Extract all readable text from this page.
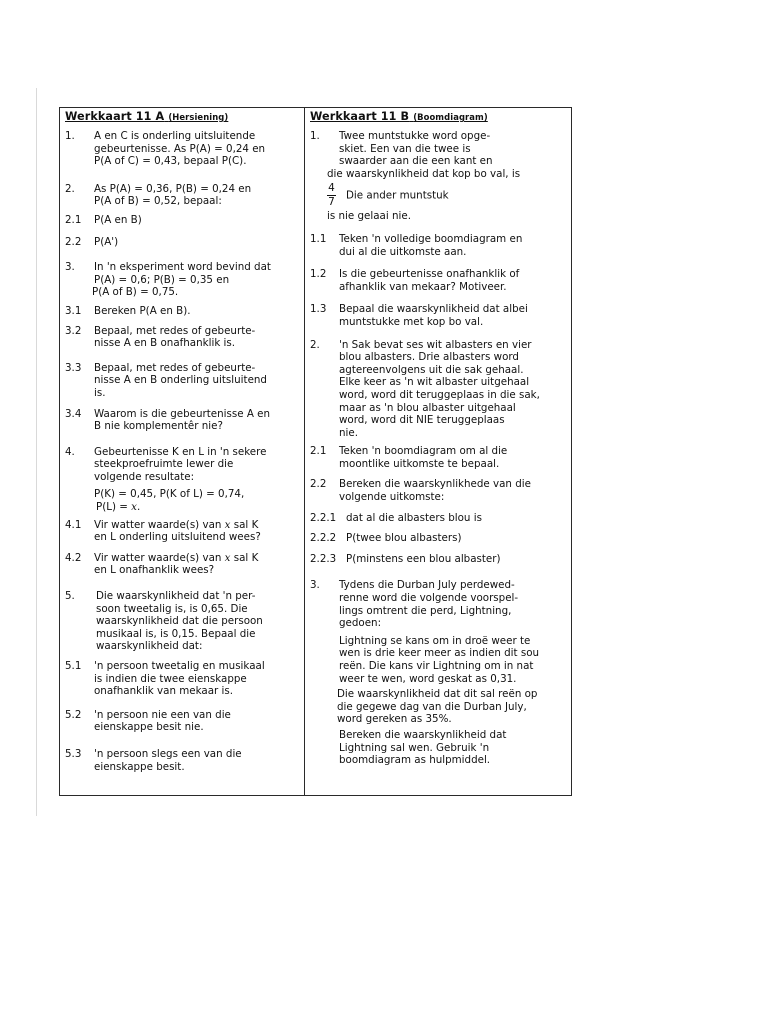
Werkkaart 11 A (Hersiening)
1.	A en C is onderling uitsluitende
gebeurtenisse. As P(A) = 0,24 en
P(A of C) = 0,43, bepaal P(C).
2.	As P(A) = 0,36, P(B) = 0,24 en
P(A of B) = 0,52, bepaal:
2.1	P(A en B)
2.2	P(A')
3.	In 'n eksperiment word bevind dat
P(A) = 0,6; P(B) = 0,35 en
P(A of B) = 0,75.
3.1	Bereken P(A en B).
3.2	Bepaal, met redes of gebeurte-
nisse A en B onafhanklik is.
3.3	Bepaal, met redes of gebeurte-
nisse A en B onderling uitsluitend
is.
3.4	Waarom is die gebeurtenisse A en
B nie komplementêr nie?
4.	Gebeurtenisse K en L in 'n sekere
steekproefruimte lewer die
volgende resultate:
P(K) = 0,45, P(K of L) = 0,74,
P(L) = x.
4.1	Vir watter waarde(s) van x sal K
en L onderling uitsluitend wees?
4.2	Vir watter waarde(s) van x sal K
en L onafhanklik wees?
5.	Die waarskynlikheid dat 'n per-
soon tweetalig is, is 0,65. Die
waarskynlikheid dat die persoon
musikaal is, is 0,15. Bepaal die
waarskynlikheid dat:
5.1	'n persoon tweetalig en musikaal
is indien die twee eienskappe
onafhanklik van mekaar is.
5.2	'n persoon nie een van die
eienskappe besit nie.
5.3	'n persoon slegs een van die
eienskappe besit.
Werkkaart 11 B (Boomdiagram)
1.	Twee muntstukke word opge-
skiet. Een van die twee is
swaarder aan die een kant en
die waarskynlikheid dat kop bo val, is
$\frac{4}{7}$ Die ander muntstuk
is nie gelaai nie.
1.1	Teken 'n volledige boomdiagram en
dui al die uitkomste aan.
1.2	Is die gebeurtenisse onafhanklik of
afhanklik van mekaar? Motiveer.
1.3	Bepaal die waarskynlikheid dat albei
muntstukke met kop bo val.
2.	'n Sak bevat ses wit albasters en vier
blou albasters. Drie albasters word
agtereenvolgens uit die sak gehaal.
Elke keer as 'n wit albaster uitgehaal
word, word dit teruggeplaas in die sak,
maar as 'n blou albaster uitgehaal
word, word dit NIE teruggeplaas
nie.
2.1	Teken 'n boomdiagram om al die
moontlike uitkomste te bepaal.
2.2	Bereken die waarskynlikhede van die
volgende uitkomste:
2.2.1 dat al die albasters blou is
2.2.2 P(twee blou albasters)
2.2.3 P(minstens een blou albaster)
3.	Tydens die Durban July perdewed-
renne word die volgende voorspel-
lings omtrent die perd, Lightning,
gedoen:
Lightning se kans om in droë weer te
wen is drie keer meer as indien dit sou
reën. Die kans vir Lightning om in nat
weer te wen, word geskat as 0,31.
Die waarskynlikheid dat dit sal reën op
die gegewe dag van die Durban July,
word gereken as 35%.
Bereken die waarskynlikheid dat
Lightning sal wen. Gebruik 'n
boomdiagram as hulpmiddel.
